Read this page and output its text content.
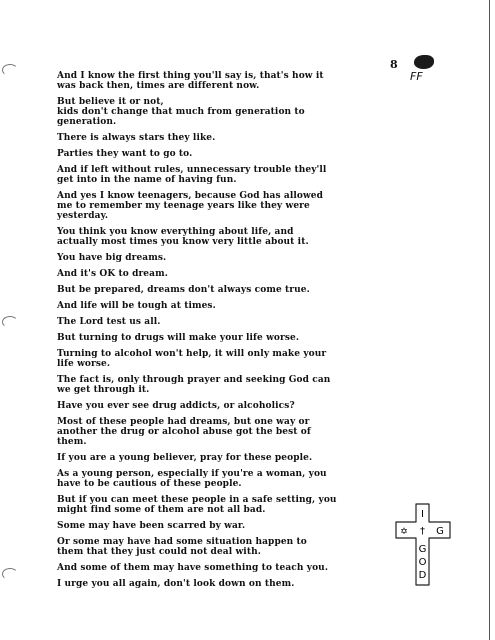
8
FF

And I know the first thing you'll say is, that's how it
was back then, times are different now.

But believe it or not,
kids don't change that much from generation to
generation.

There is always stars they like.

Parties they want to go to.

And if left without rules, unnecessary trouble they'll
get into in the name of having fun.

And yes I know teenagers, because God has allowed
me to remember my teenage years like they were
yesterday.

You think you know everything about life, and
actually most times you know very little about it.

You have big dreams.

And it's OK to dream.

But be prepared, dreams don't always come true.

And life will be tough at times.

The Lord test us all.

But turning to drugs will make your life worse.

Turning to alcohol won't help, it will only make your
life worse.

The fact is, only through prayer and seeking God can
we get through it.

Have you ever see drug addicts, or alcoholics?

Most of these people had dreams, but one way or
another the drug or alcohol abuse got the best of
them.

If you are a young believer, pray for these people.

As a young person, especially if you're a woman, you
have to be cautious of these people.

But if you can meet these people in a safe setting, you
might find some of them are not all bad.

Some may have been scarred by war.

Or some may have had some situation happen to
them that they just could not deal with.

And some of them may have something to teach you.

I urge you all again, don't look down on them.

I
✡ † G
G
O
D
